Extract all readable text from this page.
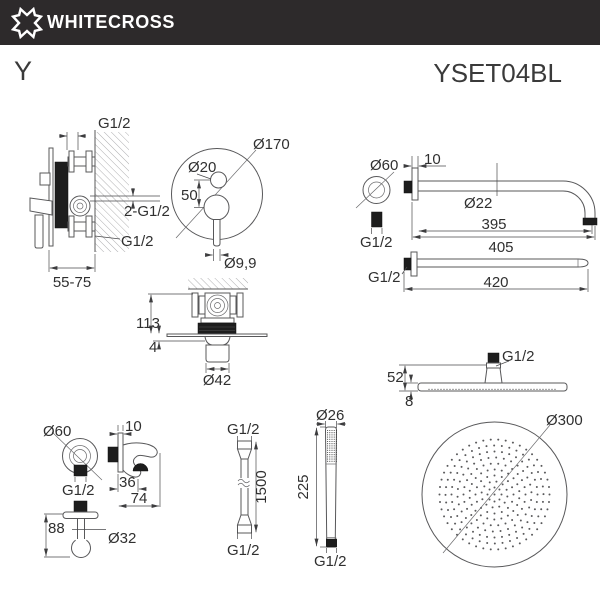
WHITECROSS
Y	YSET04BL
G1/2
2-G1/2
G1/2
55-75
Ø170
Ø20
50
Ø9,9
Ø60
G1/2
10
Ø22
395
405
G1/2	420
113
4
Ø42
G1/2
52
8
Ø300
Ø60
G1/2
10
36
74
88
Ø32
G1/2
G1/2
1500
Ø26
225
G1/2
